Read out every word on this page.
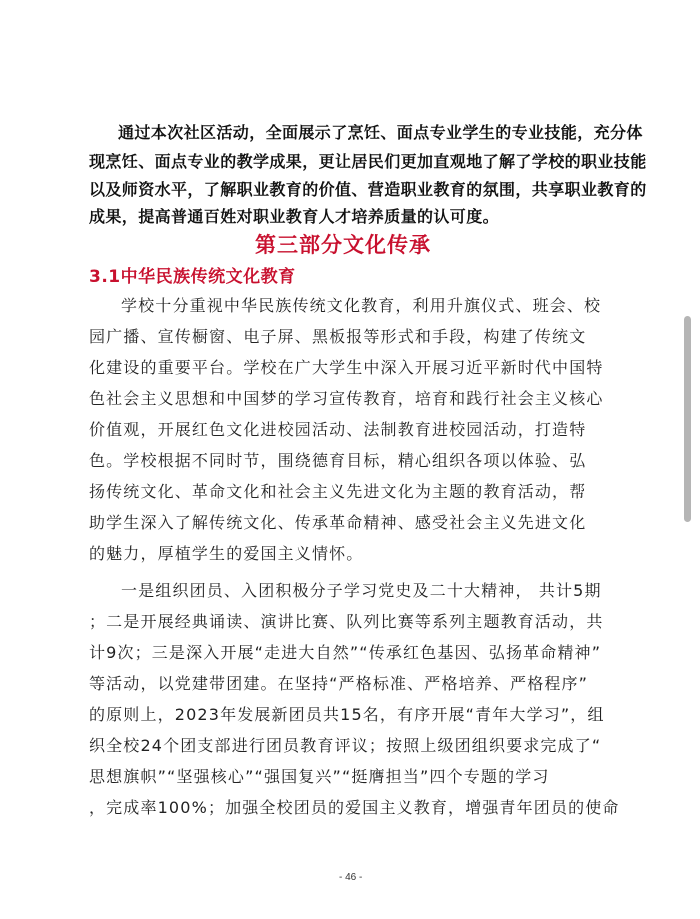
通过本次社区活动，全面展示了烹饪、面点专业学生的专业技能，充分体

现烹饪、面点专业的教学成果，更让居民们更加直观地了解了学校的职业技能

以及师资水平，了解职业教育的价值、营造职业教育的氛围，共享职业教育的

成果，提高普通百姓对职业教育人才培养质量的认可度。

第三部分文化传承
3.1中华民族传统文化教育

学校十分重视中华民族传统文化教育，利用升旗仪式、班会、校

园广播、宣传橱窗、电子屏、黑板报等形式和手段，构建了传统文

化建设的重要平台。学校在广大学生中深入开展习近平新时代中国特

色社会主义思想和中国梦的学习宣传教育，培育和践行社会主义核心

价值观，开展红色文化进校园活动、法制教育进校园活动，打造特

色。学校根据不同时节，围绕德育目标，精心组织各项以体验、弘

扬传统文化、革命文化和社会主义先进文化为主题的教育活动，帮

助学生深入了解传统文化、传承革命精神、感受社会主义先进文化

的魅力，厚植学生的爱国主义情怀。

一是组织团员、入团积极分子学习党史及二十大精神， 共计5期

；二是开展经典诵读、演讲比赛、队列比赛等系列主题教育活动，共

计9次；三是深入开展“走进大自然”“传承红色基因、弘扬革命精神”

等活动，以党建带团建。在坚持“严格标准、严格培养、严格程序”

的原则上，2023年发展新团员共15名，有序开展“青年大学习”，组

织全校24个团支部进行团员教育评议；按照上级团组织要求完成了“

思想旗帜”“坚强核心”“强国复兴”“挺膺担当”四个专题的学习

，完成率100%；加强全校团员的爱国主义教育，增强青年团员的使命

- 46 -
